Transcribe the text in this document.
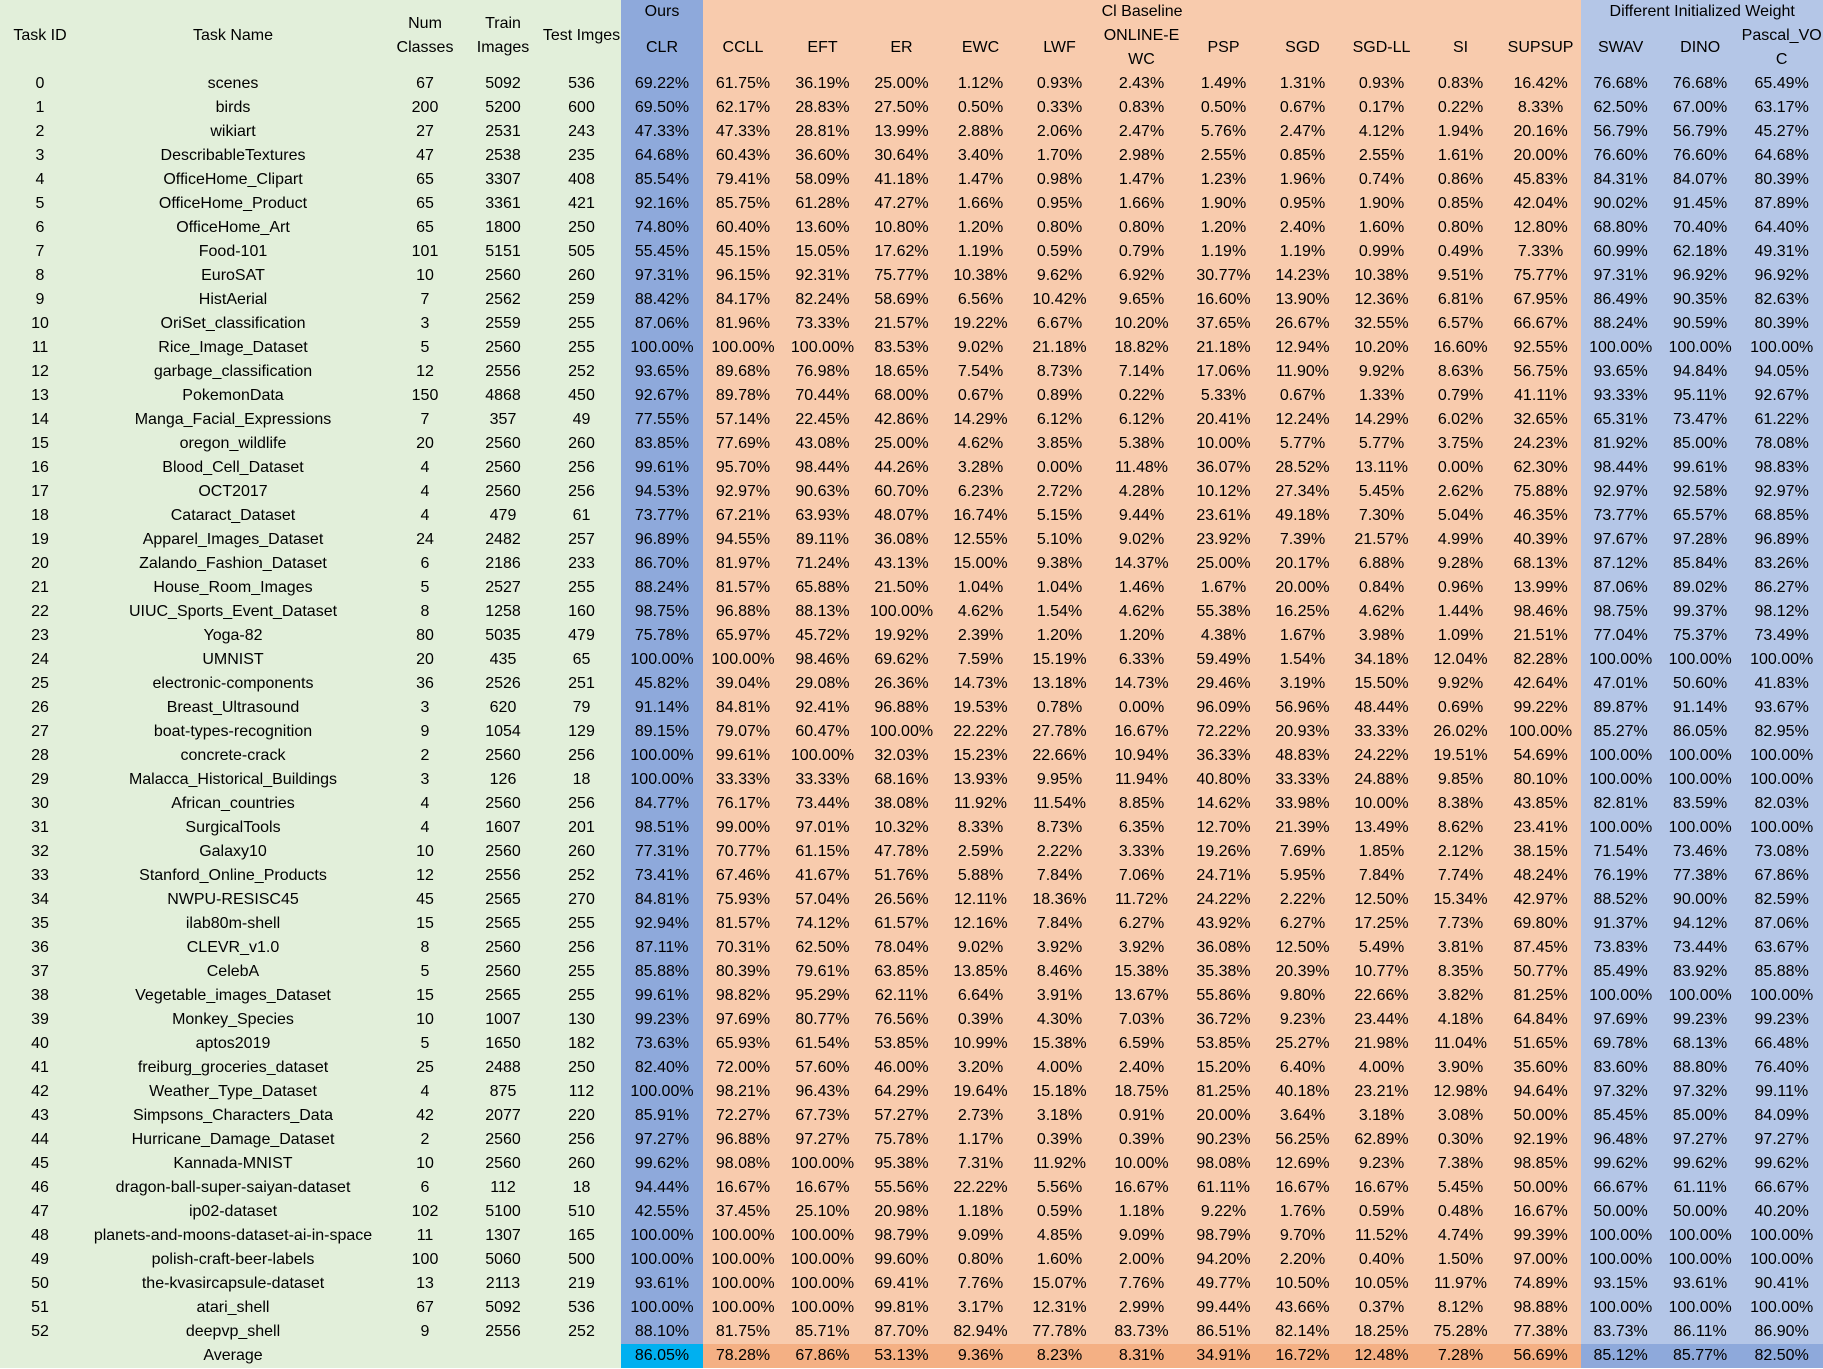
Task ID	Task Name	Num Classes	Train Images	Test Imges	Ours	Cl Baseline											Different Initialized Weight		
					CLR	CCLL	EFT	ER	EWC	LWF	ONLINE-EWC	PSP	SGD	SGD-LL	SI	SUPSUP	SWAV	DINO	Pascal_VOC
0	scenes	67	5092	536	69.22%	61.75%	36.19%	25.00%	1.12%	0.93%	2.43%	1.49%	1.31%	0.93%	0.83%	16.42%	76.68%	76.68%	65.49%
1	birds	200	5200	600	69.50%	62.17%	28.83%	27.50%	0.50%	0.33%	0.83%	0.50%	0.67%	0.17%	0.22%	8.33%	62.50%	67.00%	63.17%
2	wikiart	27	2531	243	47.33%	47.33%	28.81%	13.99%	2.88%	2.06%	2.47%	5.76%	2.47%	4.12%	1.94%	20.16%	56.79%	56.79%	45.27%
3	DescribableTextures	47	2538	235	64.68%	60.43%	36.60%	30.64%	3.40%	1.70%	2.98%	2.55%	0.85%	2.55%	1.61%	20.00%	76.60%	76.60%	64.68%
4	OfficeHome_Clipart	65	3307	408	85.54%	79.41%	58.09%	41.18%	1.47%	0.98%	1.47%	1.23%	1.96%	0.74%	0.86%	45.83%	84.31%	84.07%	80.39%
5	OfficeHome_Product	65	3361	421	92.16%	85.75%	61.28%	47.27%	1.66%	0.95%	1.66%	1.90%	0.95%	1.90%	0.85%	42.04%	90.02%	91.45%	87.89%
6	OfficeHome_Art	65	1800	250	74.80%	60.40%	13.60%	10.80%	1.20%	0.80%	0.80%	1.20%	2.40%	1.60%	0.80%	12.80%	68.80%	70.40%	64.40%
7	Food-101	101	5151	505	55.45%	45.15%	15.05%	17.62%	1.19%	0.59%	0.79%	1.19%	1.19%	0.99%	0.49%	7.33%	60.99%	62.18%	49.31%
8	EuroSAT	10	2560	260	97.31%	96.15%	92.31%	75.77%	10.38%	9.62%	6.92%	30.77%	14.23%	10.38%	9.51%	75.77%	97.31%	96.92%	96.92%
9	HistAerial	7	2562	259	88.42%	84.17%	82.24%	58.69%	6.56%	10.42%	9.65%	16.60%	13.90%	12.36%	6.81%	67.95%	86.49%	90.35%	82.63%
10	OriSet_classification	3	2559	255	87.06%	81.96%	73.33%	21.57%	19.22%	6.67%	10.20%	37.65%	26.67%	32.55%	6.57%	66.67%	88.24%	90.59%	80.39%
11	Rice_Image_Dataset	5	2560	255	100.00%	100.00%	100.00%	83.53%	9.02%	21.18%	18.82%	21.18%	12.94%	10.20%	16.60%	92.55%	100.00%	100.00%	100.00%
12	garbage_classification	12	2556	252	93.65%	89.68%	76.98%	18.65%	7.54%	8.73%	7.14%	17.06%	11.90%	9.92%	8.63%	56.75%	93.65%	94.84%	94.05%
13	PokemonData	150	4868	450	92.67%	89.78%	70.44%	68.00%	0.67%	0.89%	0.22%	5.33%	0.67%	1.33%	0.79%	41.11%	93.33%	95.11%	92.67%
14	Manga_Facial_Expressions	7	357	49	77.55%	57.14%	22.45%	42.86%	14.29%	6.12%	6.12%	20.41%	12.24%	14.29%	6.02%	32.65%	65.31%	73.47%	61.22%
15	oregon_wildlife	20	2560	260	83.85%	77.69%	43.08%	25.00%	4.62%	3.85%	5.38%	10.00%	5.77%	5.77%	3.75%	24.23%	81.92%	85.00%	78.08%
16	Blood_Cell_Dataset	4	2560	256	99.61%	95.70%	98.44%	44.26%	3.28%	0.00%	11.48%	36.07%	28.52%	13.11%	0.00%	62.30%	98.44%	99.61%	98.83%
17	OCT2017	4	2560	256	94.53%	92.97%	90.63%	60.70%	6.23%	2.72%	4.28%	10.12%	27.34%	5.45%	2.62%	75.88%	92.97%	92.58%	92.97%
18	Cataract_Dataset	4	479	61	73.77%	67.21%	63.93%	48.07%	16.74%	5.15%	9.44%	23.61%	49.18%	7.30%	5.04%	46.35%	73.77%	65.57%	68.85%
19	Apparel_Images_Dataset	24	2482	257	96.89%	94.55%	89.11%	36.08%	12.55%	5.10%	9.02%	23.92%	7.39%	21.57%	4.99%	40.39%	97.67%	97.28%	96.89%
20	Zalando_Fashion_Dataset	6	2186	233	86.70%	81.97%	71.24%	43.13%	15.00%	9.38%	14.37%	25.00%	20.17%	6.88%	9.28%	68.13%	87.12%	85.84%	83.26%
21	House_Room_Images	5	2527	255	88.24%	81.57%	65.88%	21.50%	1.04%	1.04%	1.46%	1.67%	20.00%	0.84%	0.96%	13.99%	87.06%	89.02%	86.27%
22	UIUC_Sports_Event_Dataset	8	1258	160	98.75%	96.88%	88.13%	100.00%	4.62%	1.54%	4.62%	55.38%	16.25%	4.62%	1.44%	98.46%	98.75%	99.37%	98.12%
23	Yoga-82	80	5035	479	75.78%	65.97%	45.72%	19.92%	2.39%	1.20%	1.20%	4.38%	1.67%	3.98%	1.09%	21.51%	77.04%	75.37%	73.49%
24	UMNIST	20	435	65	100.00%	100.00%	98.46%	69.62%	7.59%	15.19%	6.33%	59.49%	1.54%	34.18%	12.04%	82.28%	100.00%	100.00%	100.00%
25	electronic-components	36	2526	251	45.82%	39.04%	29.08%	26.36%	14.73%	13.18%	14.73%	29.46%	3.19%	15.50%	9.92%	42.64%	47.01%	50.60%	41.83%
26	Breast_Ultrasound	3	620	79	91.14%	84.81%	92.41%	96.88%	19.53%	0.78%	0.00%	96.09%	56.96%	48.44%	0.69%	99.22%	89.87%	91.14%	93.67%
27	boat-types-recognition	9	1054	129	89.15%	79.07%	60.47%	100.00%	22.22%	27.78%	16.67%	72.22%	20.93%	33.33%	26.02%	100.00%	85.27%	86.05%	82.95%
28	concrete-crack	2	2560	256	100.00%	99.61%	100.00%	32.03%	15.23%	22.66%	10.94%	36.33%	48.83%	24.22%	19.51%	54.69%	100.00%	100.00%	100.00%
29	Malacca_Historical_Buildings	3	126	18	100.00%	33.33%	33.33%	68.16%	13.93%	9.95%	11.94%	40.80%	33.33%	24.88%	9.85%	80.10%	100.00%	100.00%	100.00%
30	African_countries	4	2560	256	84.77%	76.17%	73.44%	38.08%	11.92%	11.54%	8.85%	14.62%	33.98%	10.00%	8.38%	43.85%	82.81%	83.59%	82.03%
31	SurgicalTools	4	1607	201	98.51%	99.00%	97.01%	10.32%	8.33%	8.73%	6.35%	12.70%	21.39%	13.49%	8.62%	23.41%	100.00%	100.00%	100.00%
32	Galaxy10	10	2560	260	77.31%	70.77%	61.15%	47.78%	2.59%	2.22%	3.33%	19.26%	7.69%	1.85%	2.12%	38.15%	71.54%	73.46%	73.08%
33	Stanford_Online_Products	12	2556	252	73.41%	67.46%	41.67%	51.76%	5.88%	7.84%	7.06%	24.71%	5.95%	7.84%	7.74%	48.24%	76.19%	77.38%	67.86%
34	NWPU-RESISC45	45	2565	270	84.81%	75.93%	57.04%	26.56%	12.11%	18.36%	11.72%	24.22%	2.22%	12.50%	15.34%	42.97%	88.52%	90.00%	82.59%
35	ilab80m-shell	15	2565	255	92.94%	81.57%	74.12%	61.57%	12.16%	7.84%	6.27%	43.92%	6.27%	17.25%	7.73%	69.80%	91.37%	94.12%	87.06%
36	CLEVR_v1.0	8	2560	256	87.11%	70.31%	62.50%	78.04%	9.02%	3.92%	3.92%	36.08%	12.50%	5.49%	3.81%	87.45%	73.83%	73.44%	63.67%
37	CelebA	5	2560	255	85.88%	80.39%	79.61%	63.85%	13.85%	8.46%	15.38%	35.38%	20.39%	10.77%	8.35%	50.77%	85.49%	83.92%	85.88%
38	Vegetable_images_Dataset	15	2565	255	99.61%	98.82%	95.29%	62.11%	6.64%	3.91%	13.67%	55.86%	9.80%	22.66%	3.82%	81.25%	100.00%	100.00%	100.00%
39	Monkey_Species	10	1007	130	99.23%	97.69%	80.77%	76.56%	0.39%	4.30%	7.03%	36.72%	9.23%	23.44%	4.18%	64.84%	97.69%	99.23%	99.23%
40	aptos2019	5	1650	182	73.63%	65.93%	61.54%	53.85%	10.99%	15.38%	6.59%	53.85%	25.27%	21.98%	11.04%	51.65%	69.78%	68.13%	66.48%
41	freiburg_groceries_dataset	25	2488	250	82.40%	72.00%	57.60%	46.00%	3.20%	4.00%	2.40%	15.20%	6.40%	4.00%	3.90%	35.60%	83.60%	88.80%	76.40%
42	Weather_Type_Dataset	4	875	112	100.00%	98.21%	96.43%	64.29%	19.64%	15.18%	18.75%	81.25%	40.18%	23.21%	12.98%	94.64%	97.32%	97.32%	99.11%
43	Simpsons_Characters_Data	42	2077	220	85.91%	72.27%	67.73%	57.27%	2.73%	3.18%	0.91%	20.00%	3.64%	3.18%	3.08%	50.00%	85.45%	85.00%	84.09%
44	Hurricane_Damage_Dataset	2	2560	256	97.27%	96.88%	97.27%	75.78%	1.17%	0.39%	0.39%	90.23%	56.25%	62.89%	0.30%	92.19%	96.48%	97.27%	97.27%
45	Kannada-MNIST	10	2560	260	99.62%	98.08%	100.00%	95.38%	7.31%	11.92%	10.00%	98.08%	12.69%	9.23%	7.38%	98.85%	99.62%	99.62%	99.62%
46	dragon-ball-super-saiyan-dataset	6	112	18	94.44%	16.67%	16.67%	55.56%	22.22%	5.56%	16.67%	61.11%	16.67%	16.67%	5.45%	50.00%	66.67%	61.11%	66.67%
47	ip02-dataset	102	5100	510	42.55%	37.45%	25.10%	20.98%	1.18%	0.59%	1.18%	9.22%	1.76%	0.59%	0.48%	16.67%	50.00%	50.00%	40.20%
48	planets-and-moons-dataset-ai-in-space	11	1307	165	100.00%	100.00%	100.00%	98.79%	9.09%	4.85%	9.09%	98.79%	9.70%	11.52%	4.74%	99.39%	100.00%	100.00%	100.00%
49	polish-craft-beer-labels	100	5060	500	100.00%	100.00%	100.00%	99.60%	0.80%	1.60%	2.00%	94.20%	2.20%	0.40%	1.50%	97.00%	100.00%	100.00%	100.00%
50	the-kvasircapsule-dataset	13	2113	219	93.61%	100.00%	100.00%	69.41%	7.76%	15.07%	7.76%	49.77%	10.50%	10.05%	11.97%	74.89%	93.15%	93.61%	90.41%
51	atari_shell	67	5092	536	100.00%	100.00%	100.00%	99.81%	3.17%	12.31%	2.99%	99.44%	43.66%	0.37%	8.12%	98.88%	100.00%	100.00%	100.00%
52	deepvp_shell	9	2556	252	88.10%	81.75%	85.71%	87.70%	82.94%	77.78%	83.73%	86.51%	82.14%	18.25%	75.28%	77.38%	83.73%	86.11%	86.90%
	Average				86.05%	78.28%	67.86%	53.13%	9.36%	8.23%	8.31%	34.91%	16.72%	12.48%	7.28%	56.69%	85.12%	85.77%	82.50%
